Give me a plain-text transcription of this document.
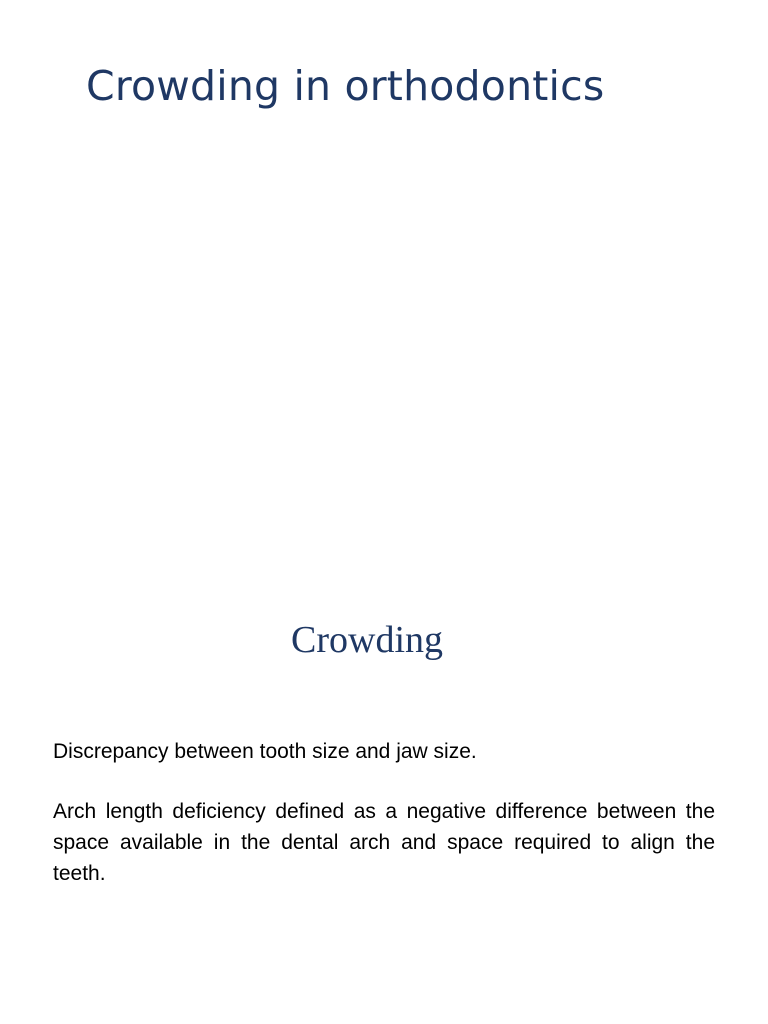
Crowding in orthodontics
Crowding

Discrepancy between tooth size and jaw size.

Arch length deficiency defined as a negative difference between the space available in the dental arch and space required to align the teeth.
